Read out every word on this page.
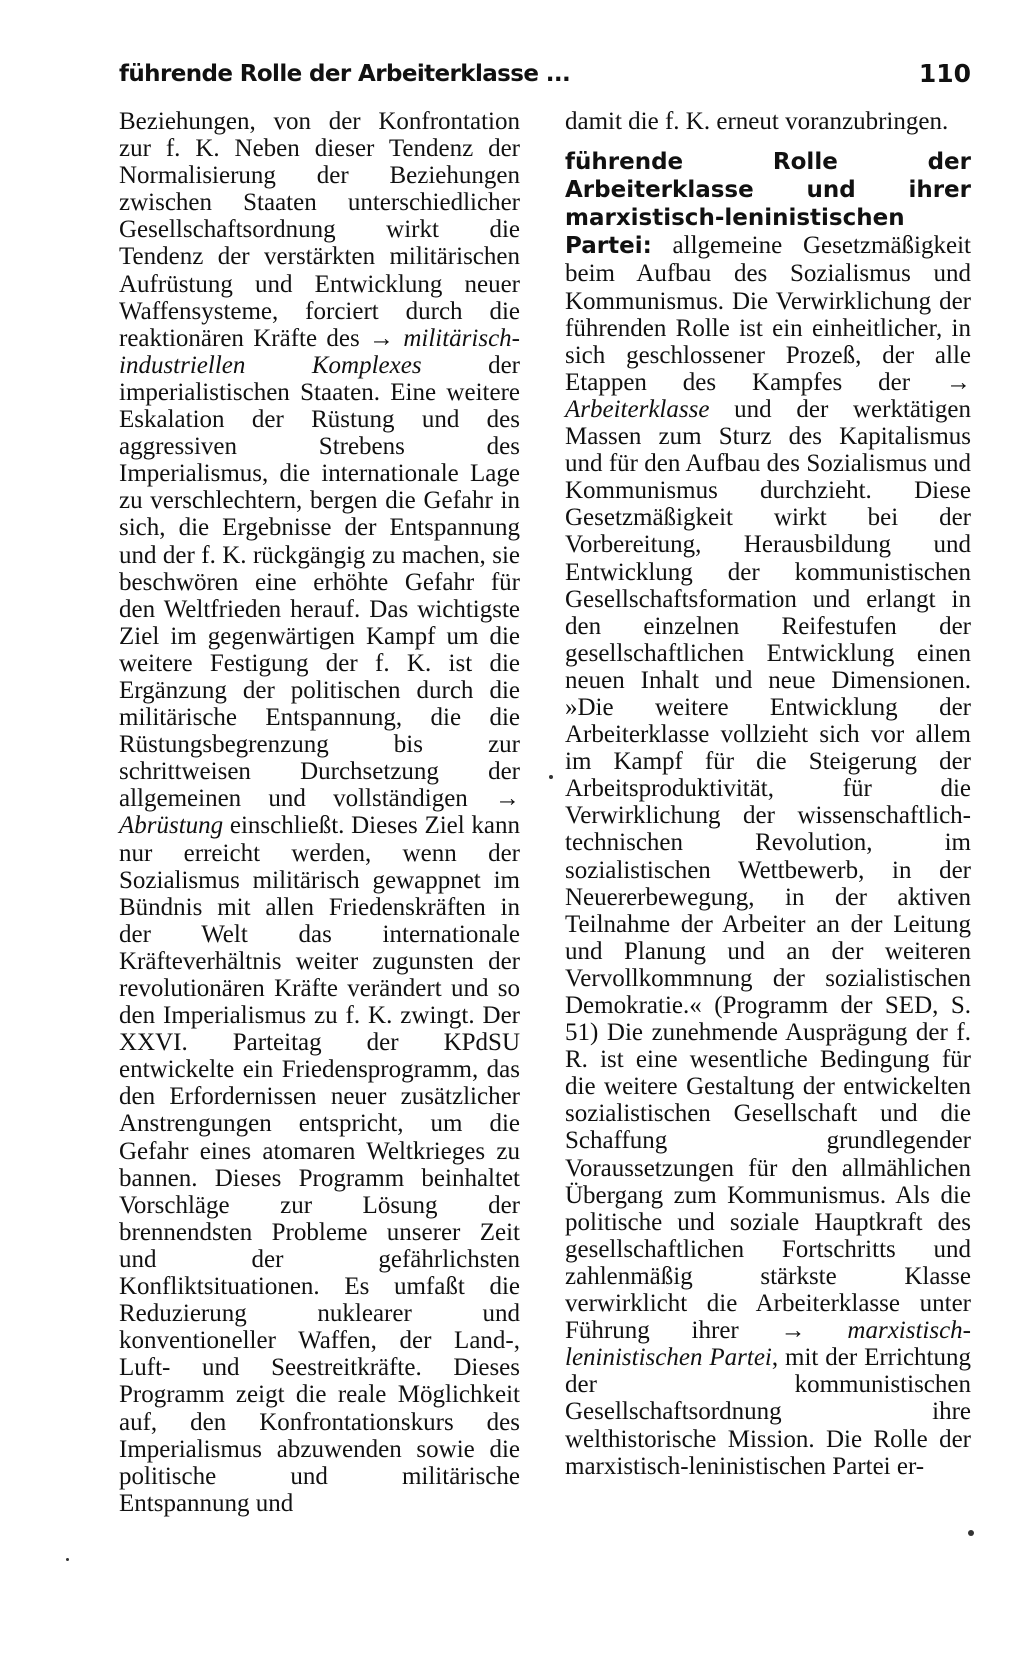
führende Rolle der Arbeiterklasse ...	110

Beziehungen, von der Konfrontation zur f. K. Neben dieser Tendenz der Normalisierung der Beziehungen zwischen Staaten unterschiedlicher Gesellschaftsordnung wirkt die Tendenz der verstärkten militärischen Aufrüstung und Entwicklung neuer Waffensysteme, forciert durch die reaktionären Kräfte des → militärisch-industriellen Komplexes der imperialistischen Staaten. Eine weitere Eskalation der Rüstung und des aggressiven Strebens des Imperialismus, die internationale Lage zu verschlechtern, bergen die Gefahr in sich, die Ergebnisse der Entspannung und der f. K. rückgängig zu machen, sie beschwören eine erhöhte Gefahr für den Weltfrieden herauf. Das wichtigste Ziel im gegenwärtigen Kampf um die weitere Festigung der f. K. ist die Ergänzung der politischen durch die militärische Entspannung, die die Rüstungsbegrenzung bis zur schrittweisen Durchsetzung der allgemeinen und vollständigen → Abrüstung einschließt. Dieses Ziel kann nur erreicht werden, wenn der Sozialismus militärisch gewappnet im Bündnis mit allen Friedenskräften in der Welt das internationale Kräfteverhältnis weiter zugunsten der revolutionären Kräfte verändert und so den Imperialismus zu f. K. zwingt. Der XXVI. Parteitag der KPdSU entwickelte ein Friedensprogramm, das den Erfordernissen neuer zusätzlicher Anstrengungen entspricht, um die Gefahr eines atomaren Weltkrieges zu bannen. Dieses Programm beinhaltet Vorschläge zur Lösung der brennendsten Probleme unserer Zeit und der gefährlichsten Konfliktsituationen. Es umfaßt die Reduzierung nuklearer und konventioneller Waffen, der Land-, Luft- und Seestreitkräfte. Dieses Programm zeigt die reale Möglichkeit auf, den Konfrontationskurs des Imperialismus abzuwenden sowie die politische und militärische Entspannung und

damit die f. K. erneut voranzubringen.

führende Rolle der Arbeiterklasse und ihrer marxistisch-leninistischen Partei: allgemeine Gesetzmäßigkeit beim Aufbau des Sozialismus und Kommunismus. Die Verwirklichung der führenden Rolle ist ein einheitlicher, in sich geschlossener Prozeß, der alle Etappen des Kampfes der → Arbeiterklasse und der werktätigen Massen zum Sturz des Kapitalismus und für den Aufbau des Sozialismus und Kommunismus durchzieht. Diese Gesetzmäßigkeit wirkt bei der Vorbereitung, Herausbildung und Entwicklung der kommunistischen Gesellschaftsformation und erlangt in den einzelnen Reifestufen der gesellschaftlichen Entwicklung einen neuen Inhalt und neue Dimensionen. »Die weitere Entwicklung der Arbeiterklasse vollzieht sich vor allem im Kampf für die Steigerung der Arbeitsproduktivität, für die Verwirklichung der wissenschaftlich-technischen Revolution, im sozialistischen Wettbewerb, in der Neuererbewegung, in der aktiven Teilnahme der Arbeiter an der Leitung und Planung und an der weiteren Vervollkommnung der sozialistischen Demokratie.« (Programm der SED, S. 51) Die zunehmende Ausprägung der f. R. ist eine wesentliche Bedingung für die weitere Gestaltung der entwickelten sozialistischen Gesellschaft und die Schaffung grundlegender Voraussetzungen für den allmählichen Übergang zum Kommunismus. Als die politische und soziale Hauptkraft des gesellschaftlichen Fortschritts und zahlenmäßig stärkste Klasse verwirklicht die Arbeiterklasse unter Führung ihrer → marxistisch-leninistischen Partei, mit der Errichtung der kommunistischen Gesellschaftsordnung ihre welthistorische Mission. Die Rolle der marxistisch-leninistischen Partei er-
